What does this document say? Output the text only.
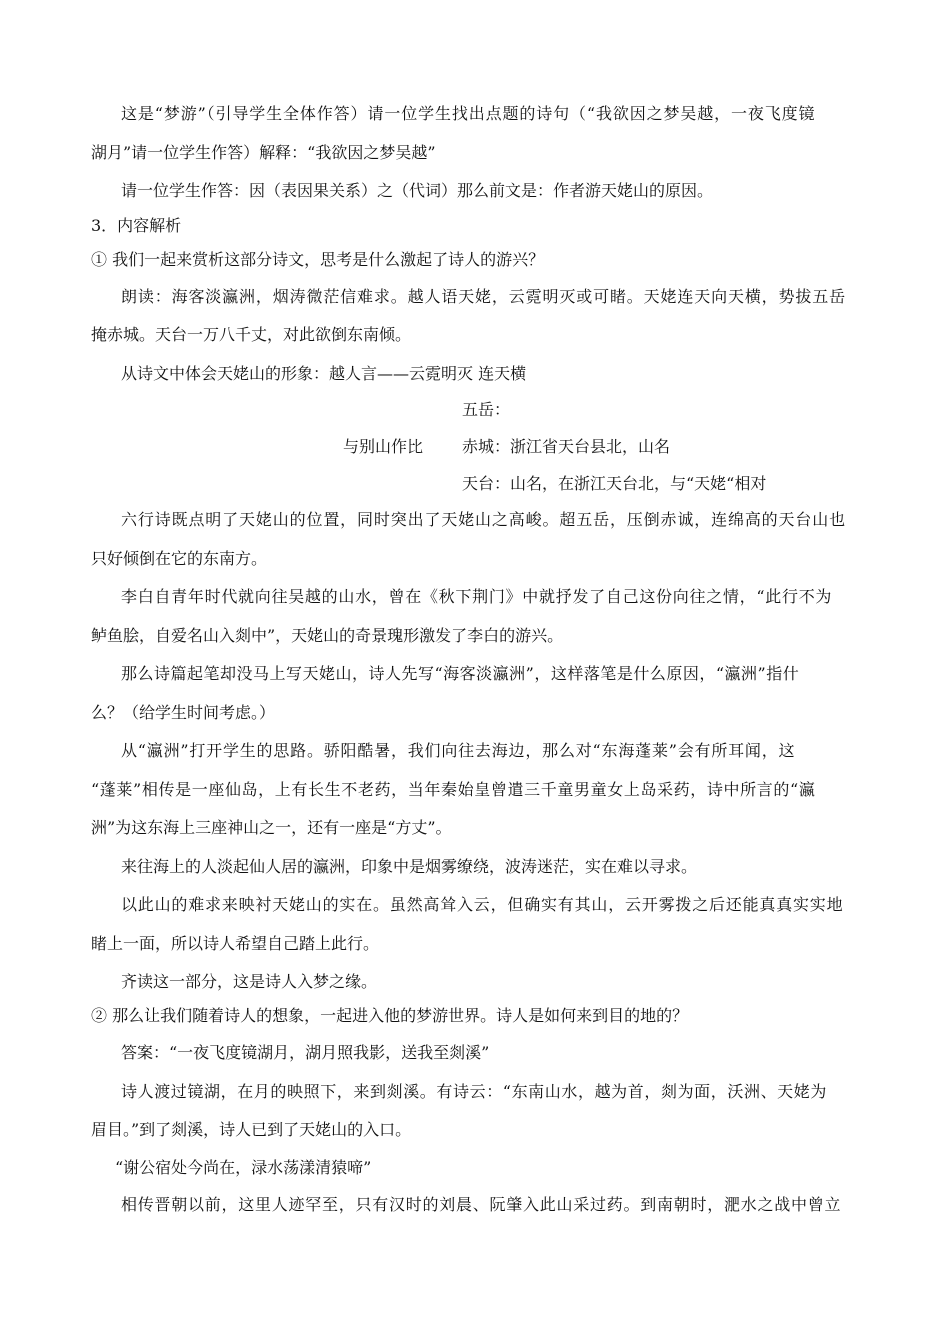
这是“梦游”（引导学生全体作答）请一位学生找出点题的诗句（“我欲因之梦吴越，一夜飞度镜
湖月”请一位学生作答）解释：“我欲因之梦吴越”
请一位学生作答：因（表因果关系）之（代词）那么前文是：作者游天姥山的原因。
3．内容解析
① 我们一起来赏析这部分诗文，思考是什么激起了诗人的游兴？
朗读：海客淡瀛洲，烟涛微茫信难求。越人语天姥，云霓明灭或可睹。天姥连天向天横，势拔五岳
掩赤城。天台一万八千丈，对此欲倒东南倾。
从诗文中体会天姥山的形象：越人言——云霓明灭 连天横
五岳：
与别山作比 赤城：浙江省天台县北，山名
天台：山名，在浙江天台北，与“天姥“相对
六行诗既点明了天姥山的位置，同时突出了天姥山之高峻。超五岳，压倒赤诚，连绵高的天台山也
只好倾倒在它的东南方。
李白自青年时代就向往吴越的山水，曾在《秋下荆门》中就抒发了自己这份向往之情，“此行不为
鲈鱼脍，自爱名山入剡中”，天姥山的奇景瑰形激发了李白的游兴。
那么诗篇起笔却没马上写天姥山，诗人先写“海客淡瀛洲”，这样落笔是什么原因，“瀛洲”指什
么？（给学生时间考虑。）
从“瀛洲”打开学生的思路。骄阳酷暑，我们向往去海边，那么对“东海蓬莱”会有所耳闻，这
“蓬莱”相传是一座仙岛，上有长生不老药，当年秦始皇曾遣三千童男童女上岛采药，诗中所言的“瀛
洲”为这东海上三座神山之一，还有一座是“方丈”。
来往海上的人淡起仙人居的瀛洲，印象中是烟雾缭绕，波涛迷茫，实在难以寻求。
以此山的难求来映衬天姥山的实在。虽然高耸入云，但确实有其山，云开雾拨之后还能真真实实地
睹上一面，所以诗人希望自己踏上此行。
齐读这一部分，这是诗人入梦之缘。
② 那么让我们随着诗人的想象，一起进入他的梦游世界。诗人是如何来到目的地的？
答案：“一夜飞度镜湖月，湖月照我影，送我至剡溪”
诗人渡过镜湖，在月的映照下，来到剡溪。有诗云：“东南山水，越为首，剡为面，沃洲、天姥为
眉目。”到了剡溪，诗人已到了天姥山的入口。
“谢公宿处今尚在，渌水荡漾清猿啼”
相传晋朝以前，这里人迹罕至，只有汉时的刘晨、阮肇入此山采过药。到南朝时，淝水之战中曾立
